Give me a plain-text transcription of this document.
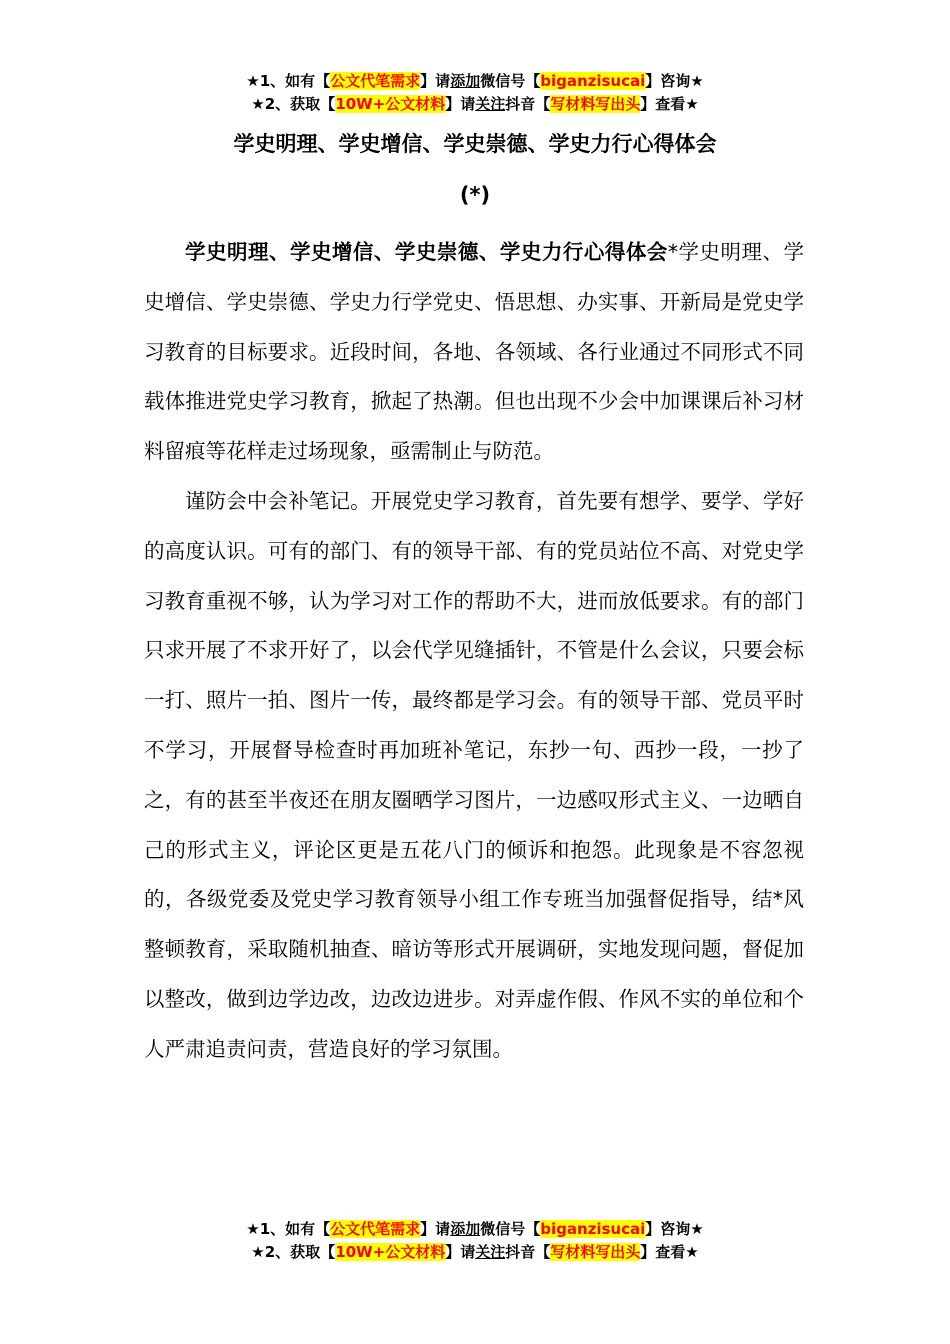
★1、如有【公文代笔需求】请添加微信号【biganzisucai】咨询★
★2、获取【10W+公文材料】请关注抖音【写材料写出头】查看★
学史明理、学史增信、学史崇德、学史力行心得体会
(*)

学史明理、学史增信、学史崇德、学史力行心得体会*学史明理、学史增信、学史崇德、学史力行学党史、悟思想、办实事、开新局是党史学习教育的目标要求。近段时间，各地、各领域、各行业通过不同形式不同载体推进党史学习教育，掀起了热潮。但也出现不少会中加课课后补习材料留痕等花样走过场现象，亟需制止与防范。

谨防会中会补笔记。开展党史学习教育，首先要有想学、要学、学好的高度认识。可有的部门、有的领导干部、有的党员站位不高、对党史学习教育重视不够，认为学习对工作的帮助不大，进而放低要求。有的部门只求开展了不求开好了，以会代学见缝插针，不管是什么会议，只要会标一打、照片一拍、图片一传，最终都是学习会。有的领导干部、党员平时不学习，开展督导检查时再加班补笔记，东抄一句、西抄一段，一抄了之，有的甚至半夜还在朋友圈晒学习图片，一边感叹形式主义、一边晒自己的形式主义，评论区更是五花八门的倾诉和抱怨。此现象是不容忽视的，各级党委及党史学习教育领导小组工作专班当加强督促指导，结*风整顿教育，采取随机抽查、暗访等形式开展调研，实地发现问题，督促加以整改，做到边学边改，边改边进步。对弄虚作假、作风不实的单位和个人严肃追责问责，营造良好的学习氛围。

★1、如有【公文代笔需求】请添加微信号【biganzisucai】咨询★
★2、获取【10W+公文材料】请关注抖音【写材料写出头】查看★
